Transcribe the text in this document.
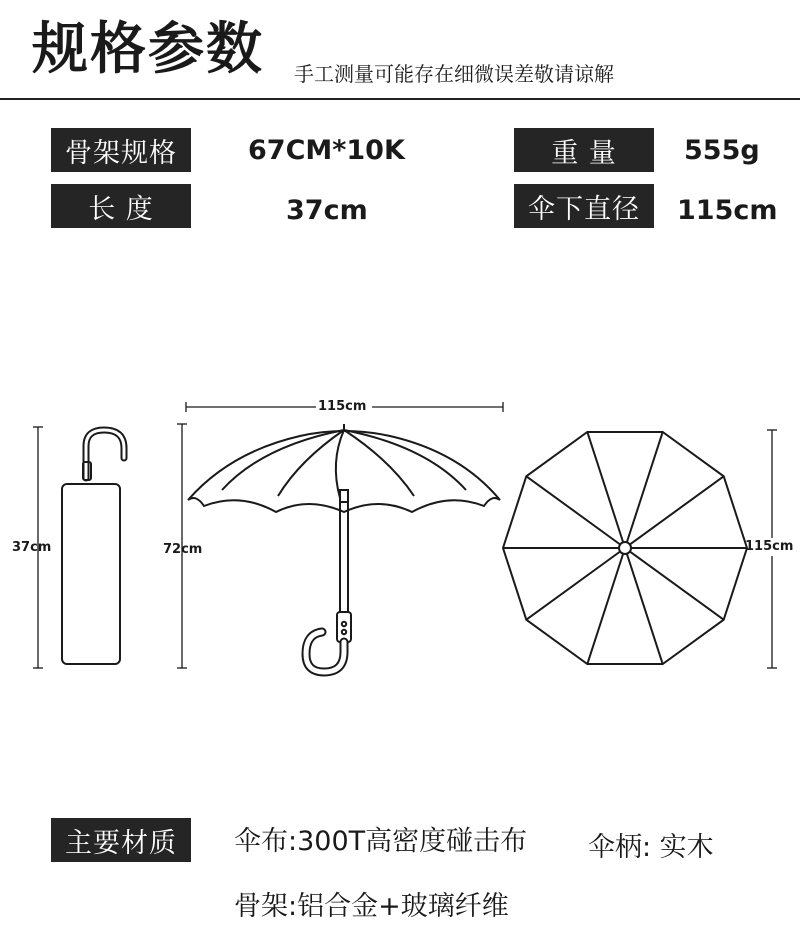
规格参数 手工测量可能存在细微误差敬请谅解
骨架规格	67CM*10K	重 量	555g
长 度	37cm	伞下直径	115cm
37cm	72cm
115cm
115cm
主要材质	伞布:300T高密度碰击布 伞柄: 实木
骨架:铝合金+玻璃纤维
